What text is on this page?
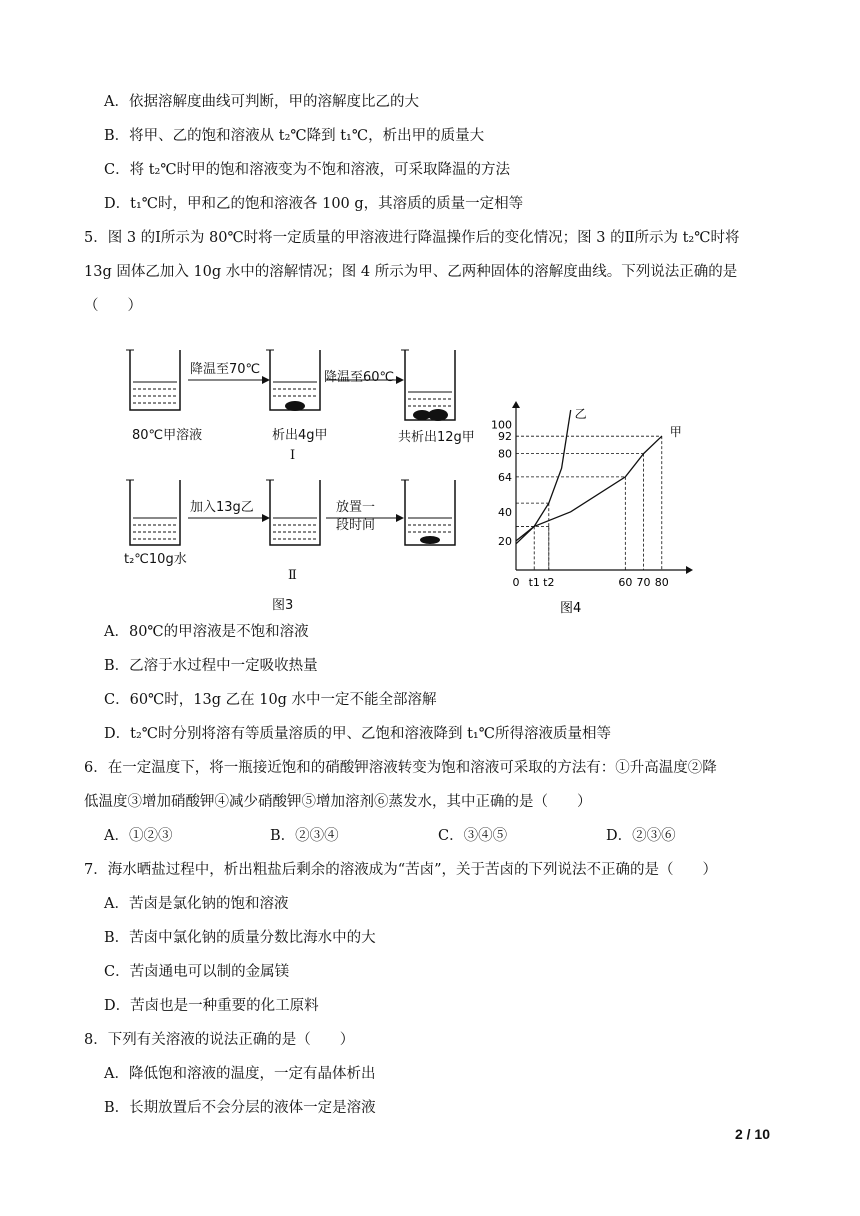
A．依据溶解度曲线可判断，甲的溶解度比乙的大
B．将甲、乙的饱和溶液从 t₂℃降到 t₁℃，析出甲的质量大
C．将 t₂℃时甲的饱和溶液变为不饱和溶液，可采取降温的方法
D．t₁℃时，甲和乙的饱和溶液各 100 g，其溶质的质量一定相等
5．图 3 的Ⅰ所示为 80℃时将一定质量的甲溶液进行降温操作后的变化情况；图 3 的Ⅱ所示为 t₂℃时将
13g 固体乙加入 10g 水中的溶解情况；图 4 所示为甲、乙两种固体的溶解度曲线。下列说法正确的是
（　　）
降温至70℃
降温至60℃
80℃甲溶液	析出4g甲	共析出12g甲
Ⅰ
加入13g乙	放置一
段时间
t₂℃10g水
Ⅱ
图3
乙
甲
20
40
64
80
92
100
0 t1 t2	60 70 80
图4
A．80℃的甲溶液是不饱和溶液
B．乙溶于水过程中一定吸收热量
C．60℃时，13g 乙在 10g 水中一定不能全部溶解
D．t₂℃时分别将溶有等质量溶质的甲、乙饱和溶液降到 t₁℃所得溶液质量相等
6．在一定温度下，将一瓶接近饱和的硝酸钾溶液转变为饱和溶液可采取的方法有：①升高温度②降
低温度③增加硝酸钾④减少硝酸钾⑤增加溶剂⑥蒸发水，其中正确的是（　　）
A．①②③	B．②③④	C．③④⑤	D．②③⑥
7．海水晒盐过程中，析出粗盐后剩余的溶液成为“苦卤”，关于苦卤的下列说法不正确的是（　　）
A．苦卤是氯化钠的饱和溶液
B．苦卤中氯化钠的质量分数比海水中的大
C．苦卤通电可以制的金属镁
D．苦卤也是一种重要的化工原料
8．下列有关溶液的说法正确的是（　　）
A．降低饱和溶液的温度，一定有晶体析出
B．长期放置后不会分层的液体一定是溶液
2 / 10
